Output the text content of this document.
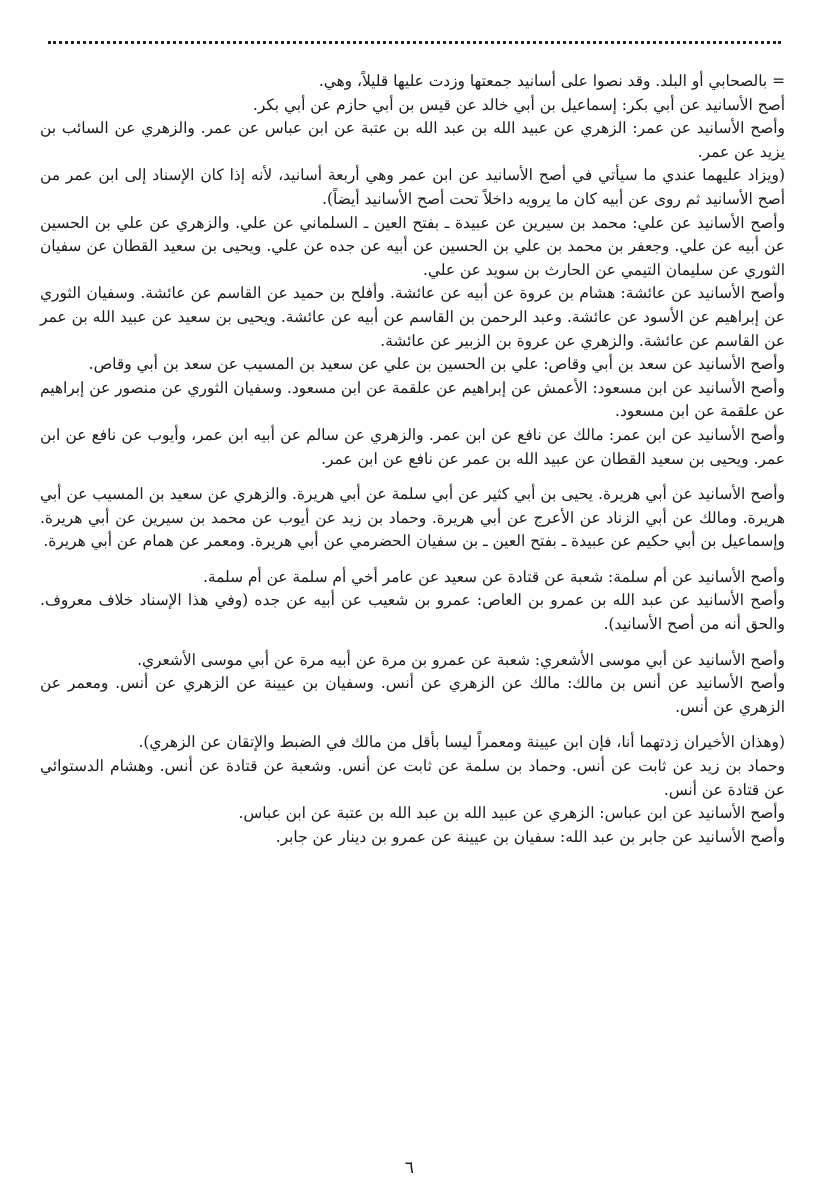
= بالصحابي أو البلد. وقد نصوا على أسانيد جمعتها وزدت عليها قليلاً، وهي.

أصح الأسانيد عن أبي بكر: إسماعيل بن أبي خالد عن قيس بن أبي حازم عن أبي بكر.

وأصح الأسانيد عن عمر: الزهري عن عبيد الله بن عبد الله بن عتبة عن ابن عباس عن عمر. والزهري عن السائب بن يزيد عن عمر.

(ويزاد عليهما عندي ما سيأتي في أصح الأسانيد عن ابن عمر وهي أربعة أسانيد، لأنه إذا كان الإسناد إلى ابن عمر من أصح الأسانيد ثم روى عن أبيه كان ما يرويه داخلاً تحت أصح الأسانيد أيضاً).

وأصح الأسانيد عن علي: محمد بن سيرين عن عبيدة ـ بفتح العين ـ السلماني عن علي. والزهري عن علي بن الحسين عن أبيه عن علي. وجعفر بن محمد بن علي بن الحسين عن أبيه عن جده عن علي. ويحيى بن سعيد القطان عن سفيان الثوري عن سليمان التيمي عن الحارث بن سويد عن علي.

وأصح الأسانيد عن عائشة: هشام بن عروة عن أبيه عن عائشة. وأفلح بن حميد عن القاسم عن عائشة. وسفيان الثوري عن إبراهيم عن الأسود عن عائشة. وعبد الرحمن بن القاسم عن أبيه عن عائشة. ويحيى بن سعيد عن عبيد الله بن عمر عن القاسم عن عائشة. والزهري عن عروة بن الزبير عن عائشة.

وأصح الأسانيد عن سعد بن أبي وقاص: علي بن الحسين بن علي عن سعيد بن المسيب عن سعد بن أبي وقاص.

وأصح الأسانيد عن ابن مسعود: الأعمش عن إبراهيم عن علقمة عن ابن مسعود. وسفيان الثوري عن منصور عن إبراهيم عن علقمة عن ابن مسعود.

وأصح الأسانيد عن ابن عمر: مالك عن نافع عن ابن عمر. والزهري عن سالم عن أبيه ابن عمر، وأيوب عن نافع عن ابن عمر. ويحيى بن سعيد القطان عن عبيد الله بن عمر عن نافع عن ابن عمر.

وأصح الأسانيد عن أبي هريرة. يحيى بن أبي كثير عن أبي سلمة عن أبي هريرة. والزهري عن سعيد بن المسيب عن أبي هريرة. ومالك عن أبي الزناد عن الأعرج عن أبي هريرة. وحماد بن زيد عن أيوب عن محمد بن سيرين عن أبي هريرة. وإسماعيل بن أبي حكيم عن عبيدة ـ بفتح العين ـ بن سفيان الحضرمي عن أبي هريرة. ومعمر عن همام عن أبي هريرة.

وأصح الأسانيد عن أم سلمة: شعبة عن قتادة عن سعيد عن عامر أخي أم سلمة عن أم سلمة.

وأصح الأسانيد عن عبد الله بن عمرو بن العاص: عمرو بن شعيب عن أبيه عن جده (وفي هذا الإسناد خلاف معروف. والحق أنه من أصح الأسانيد).

وأصح الأسانيد عن أبي موسى الأشعري: شعبة عن عمرو بن مرة عن أبيه مرة عن أبي موسى الأشعري.

وأصح الأسانيد عن أنس بن مالك: مالك عن الزهري عن أنس. وسفيان بن عيينة عن الزهري عن أنس. ومعمر عن الزهري عن أنس.

(وهذان الأخيران زدتهما أنا، فإن ابن عيينة ومعمراً ليسا بأقل من مالك في الضبط والإتقان عن الزهري).

وحماد بن زيد عن ثابت عن أنس. وحماد بن سلمة عن ثابت عن أنس. وشعبة عن قتادة عن أنس. وهشام الدستوائي عن قتادة عن أنس.

وأصح الأسانيد عن ابن عباس: الزهري عن عبيد الله بن عبد الله بن عتبة عن ابن عباس.

وأصح الأسانيد عن جابر بن عبد الله: سفيان بن عيينة عن عمرو بن دينار عن جابر.

٦
